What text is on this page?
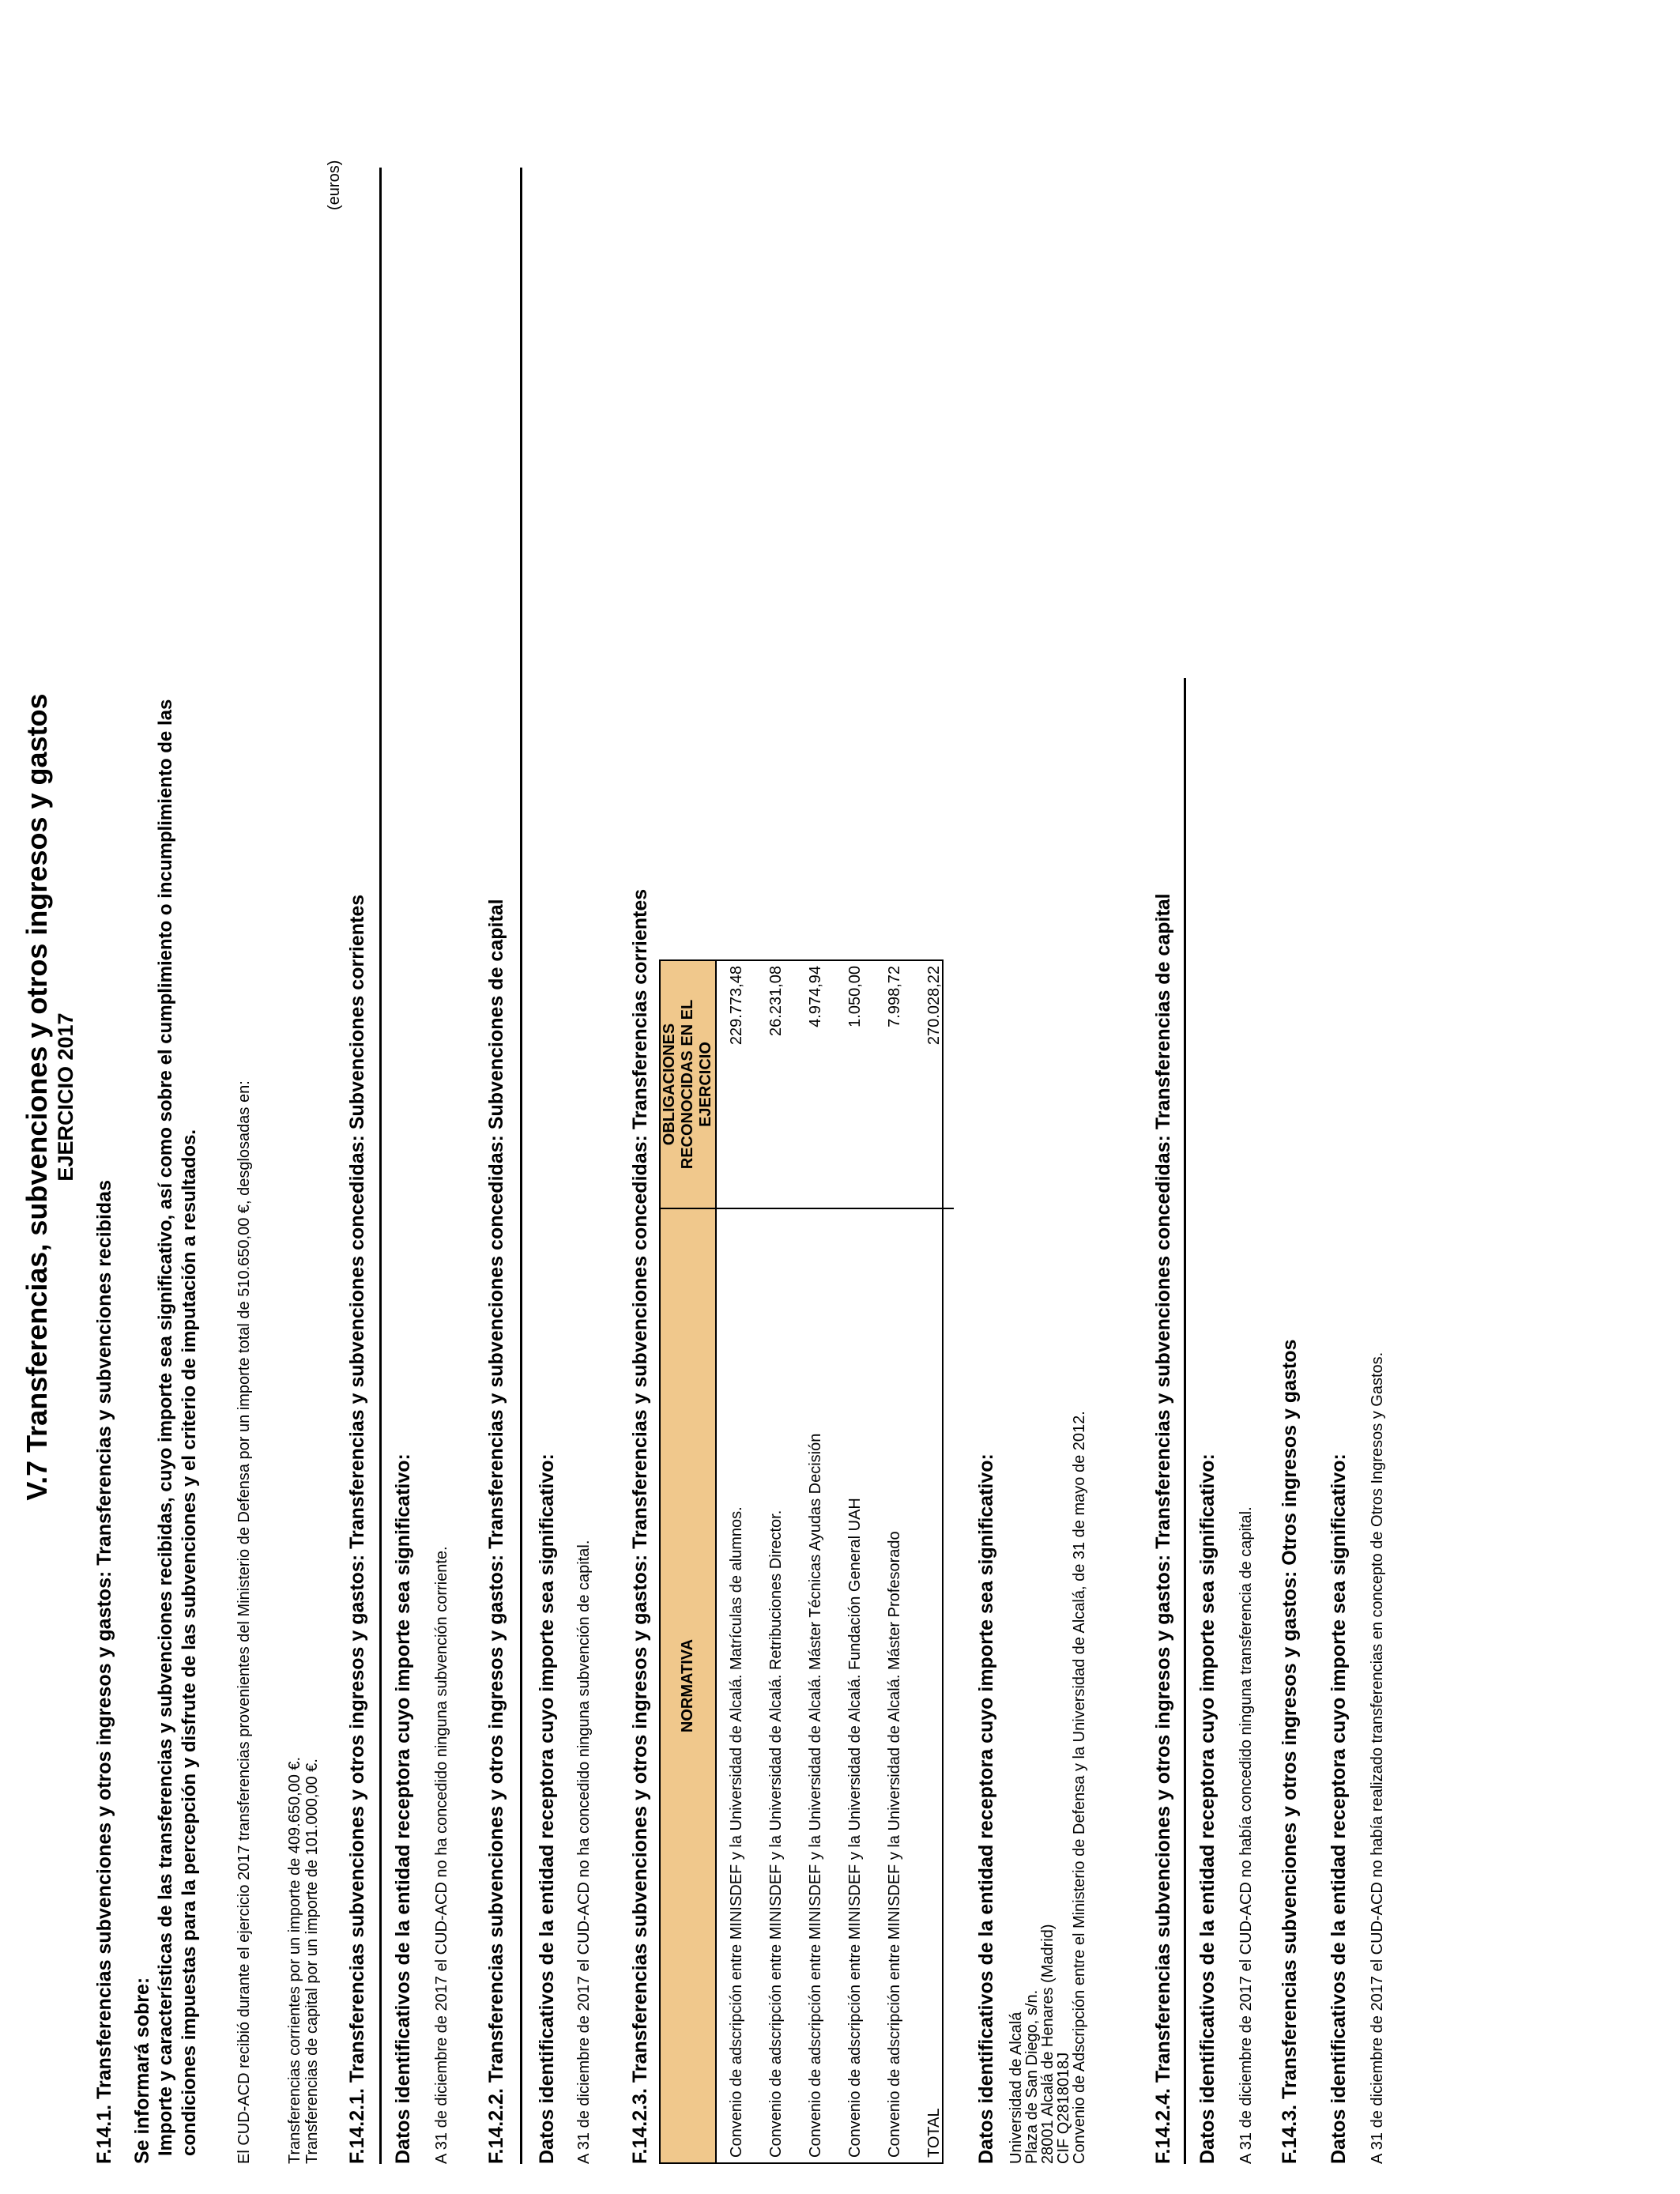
V.7 Transferencias, subvenciones y otros ingresos y gastos EJERCICIO 2017
F.14.1. Transferencias subvenciones y otros ingresos y gastos: Transferencias y subvenciones recibidas Se informará sobre: Importe y características de las transferencias y subvenciones recibidas, cuyo importe sea significativo, así como sobre el cumplimiento o incumplimiento de las condiciones impuestas para la percepción y disfrute de las subvenciones y el criterio de imputación a resultados. El CUD-ACD recibió durante el ejercicio 2017 transferencias provenientes del Ministerio de Defensa por un importe total de 510.650,00 €, desglosadas en: Transferencias corrientes por un importe de 409.650,00 €. Transferencias de capital por un importe de 101.000,00 €.
(euros)
F.14.2.1. Transferencias subvenciones y otros ingresos y gastos: Transferencias y subvenciones concedidas: Subvenciones corrientes Datos identificativos de la entidad receptora cuyo importe sea significativo: A 31 de diciembre de 2017 el CUD-ACD no ha concedido ninguna subvención corriente. F.14.2.2. Transferencias subvenciones y otros ingresos y gastos: Transferencias y subvenciones concedidas: Subvenciones de capital Datos identificativos de la entidad receptora cuyo importe sea significativo: A 31 de diciembre de 2017 el CUD-ACD no ha concedido ninguna subvención de capital. F.14.2.3. Transferencias subvenciones y otros ingresos y gastos: Transferencias y subvenciones concedidas: Transferencias corrientes NORMATIVA	OBLIGACIONES RECONOCIDAS EN EL EJERCICIO
Convenio de adscripción entre MINISDEF y la Universidad de Alcalá. Matrículas de alumnos.	229.773,48
Convenio de adscripción entre MINISDEF y la Universidad de Alcalá. Retribuciones Director.	26.231,08
Convenio de adscripción entre MINISDEF y la Universidad de Alcalá. Máster Técnicas Ayudas Decisión	4.974,94
Convenio de adscripción entre MINISDEF y la Universidad de Alcalá. Fundación General UAH	1.050,00
Convenio de adscripción entre MINISDEF y la Universidad de Alcalá. Máster Profesorado	7.998,72
TOTAL	270.028,22
Datos identificativos de la entidad receptora cuyo importe sea significativo: Universidad de Alcalá
Plaza de San Diego, s/n.
28001 Alcalá de Henares (Madrid)
CIF Q2818018J
Convenio de Adscripción entre el Ministerio de Defensa y la Universidad de Alcalá, de 31 de mayo de 2012.	F.14.2.4. Transferencias subvenciones y otros ingresos y gastos: Transferencias y subvenciones concedidas: Transferencias de capital Datos identificativos de la entidad receptora cuyo importe sea significativo: A 31 de diciembre de 2017 el CUD-ACD no había concedido ninguna transferencia de capital. F.14.3. Transferencias subvenciones y otros ingresos y gastos: Otros ingresos y gastos Datos identificativos de la entidad receptora cuyo importe sea significativo: A 31 de diciembre de 2017 el CUD-ACD no había realizado transferencias en concepto de Otros Ingresos y Gastos.
